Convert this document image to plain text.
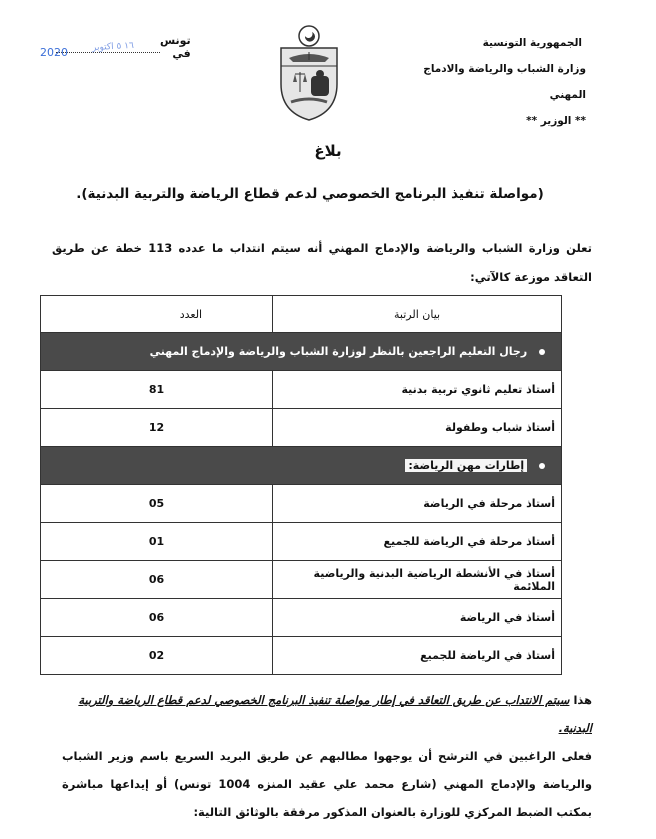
الجمهورية التونسية
وزارة الشباب والرياضة والادماج المهني
** الوزير **
تونس في
2020	١٦ ٥ اكتوبر
بلاغ
(مواصلة تنفيذ البرنامج الخصوصي لدعم قطاع الرياضة والتربية البدنية).
تعلن وزارة الشباب والرياضة والإدماج المهني أنه سيتم انتداب ما عدده 113 خطة عن طريق التعاقد موزعة كالآتي:
بيان الرتبة	العدد
رجال التعليم الراجعين بالنظر لوزارة الشباب والرياضة والإدماج المهني	
أستاذ تعليم ثانوي تربية بدنية	81
أستاذ شباب وطفولة	12
إطارات مهن الرياضة:	
أستاذ مرحلة في الرياضة	05
أستاذ مرحلة في الرياضة للجميع	01
أستاذ في الأنشطة الرياضية البدنية والرياضية الملائمة	06
أستاذ في الرياضة	06
أستاذ في الرياضة للجميع	02
هذا سيتم الانتداب عن طريق التعاقد في إطار مواصلة تنفيذ البرنامج الخصوصي لدعم قطاع الرياضة والتربية البدنية.
فعلى الراغبين في الترشح أن يوجهوا مطالبهم عن طريق البريد السريع باسم وزير الشباب والرياضة والإدماج المهني (شارع محمد علي عقيد المنزه 1004 تونس) أو إيداعها مباشرة بمكتب الضبط المركزي للوزارة بالعنوان المذكور مرفقة بالوثائق التالية:
